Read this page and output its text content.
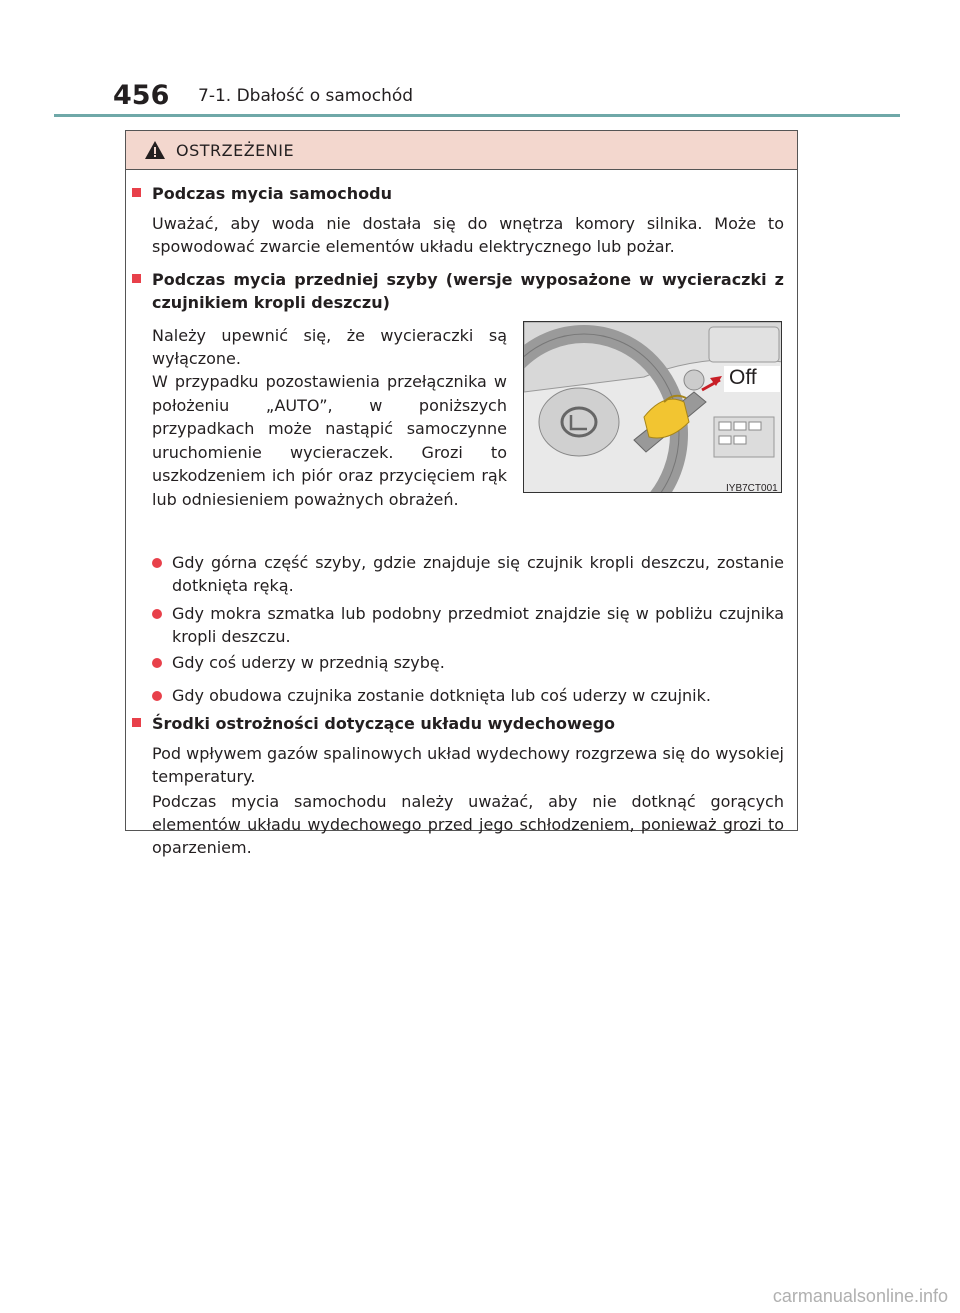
456 7-1. Dbałość o samochód
OSTRZEŻENIE
Podczas mycia samochodu
Uważać, aby woda nie dostała się do wnętrza komory silnika. Może to spowodować zwarcie elementów układu elektrycznego lub pożar.
Podczas mycia przedniej szyby (wersje wyposażone w wycieraczki z czujnikiem kropli deszczu)
Należy upewnić się, że wycieraczki są wyłączone.
W przypadku pozostawienia przełącznika w położeniu „AUTO”, w poniższych przypadkach może nastąpić samoczynne uruchomienie wycieraczek. Grozi to uszkodzeniem ich piór oraz przycięciem rąk lub odniesieniem poważnych obrażeń.
Off
IYB7CT001
Gdy górna część szyby, gdzie znajduje się czujnik kropli deszczu, zostanie dotknięta ręką.
Gdy mokra szmatka lub podobny przedmiot znajdzie się w pobliżu czujnika kropli deszczu.
Gdy coś uderzy w przednią szybę.
Gdy obudowa czujnika zostanie dotknięta lub coś uderzy w czujnik.
Środki ostrożności dotyczące układu wydechowego
Pod wpływem gazów spalinowych układ wydechowy rozgrzewa się do wysokiej temperatury.
Podczas mycia samochodu należy uważać, aby nie dotknąć gorących elementów układu wydechowego przed jego schłodzeniem, ponieważ grozi to oparzeniem.
carmanualsonline.info
